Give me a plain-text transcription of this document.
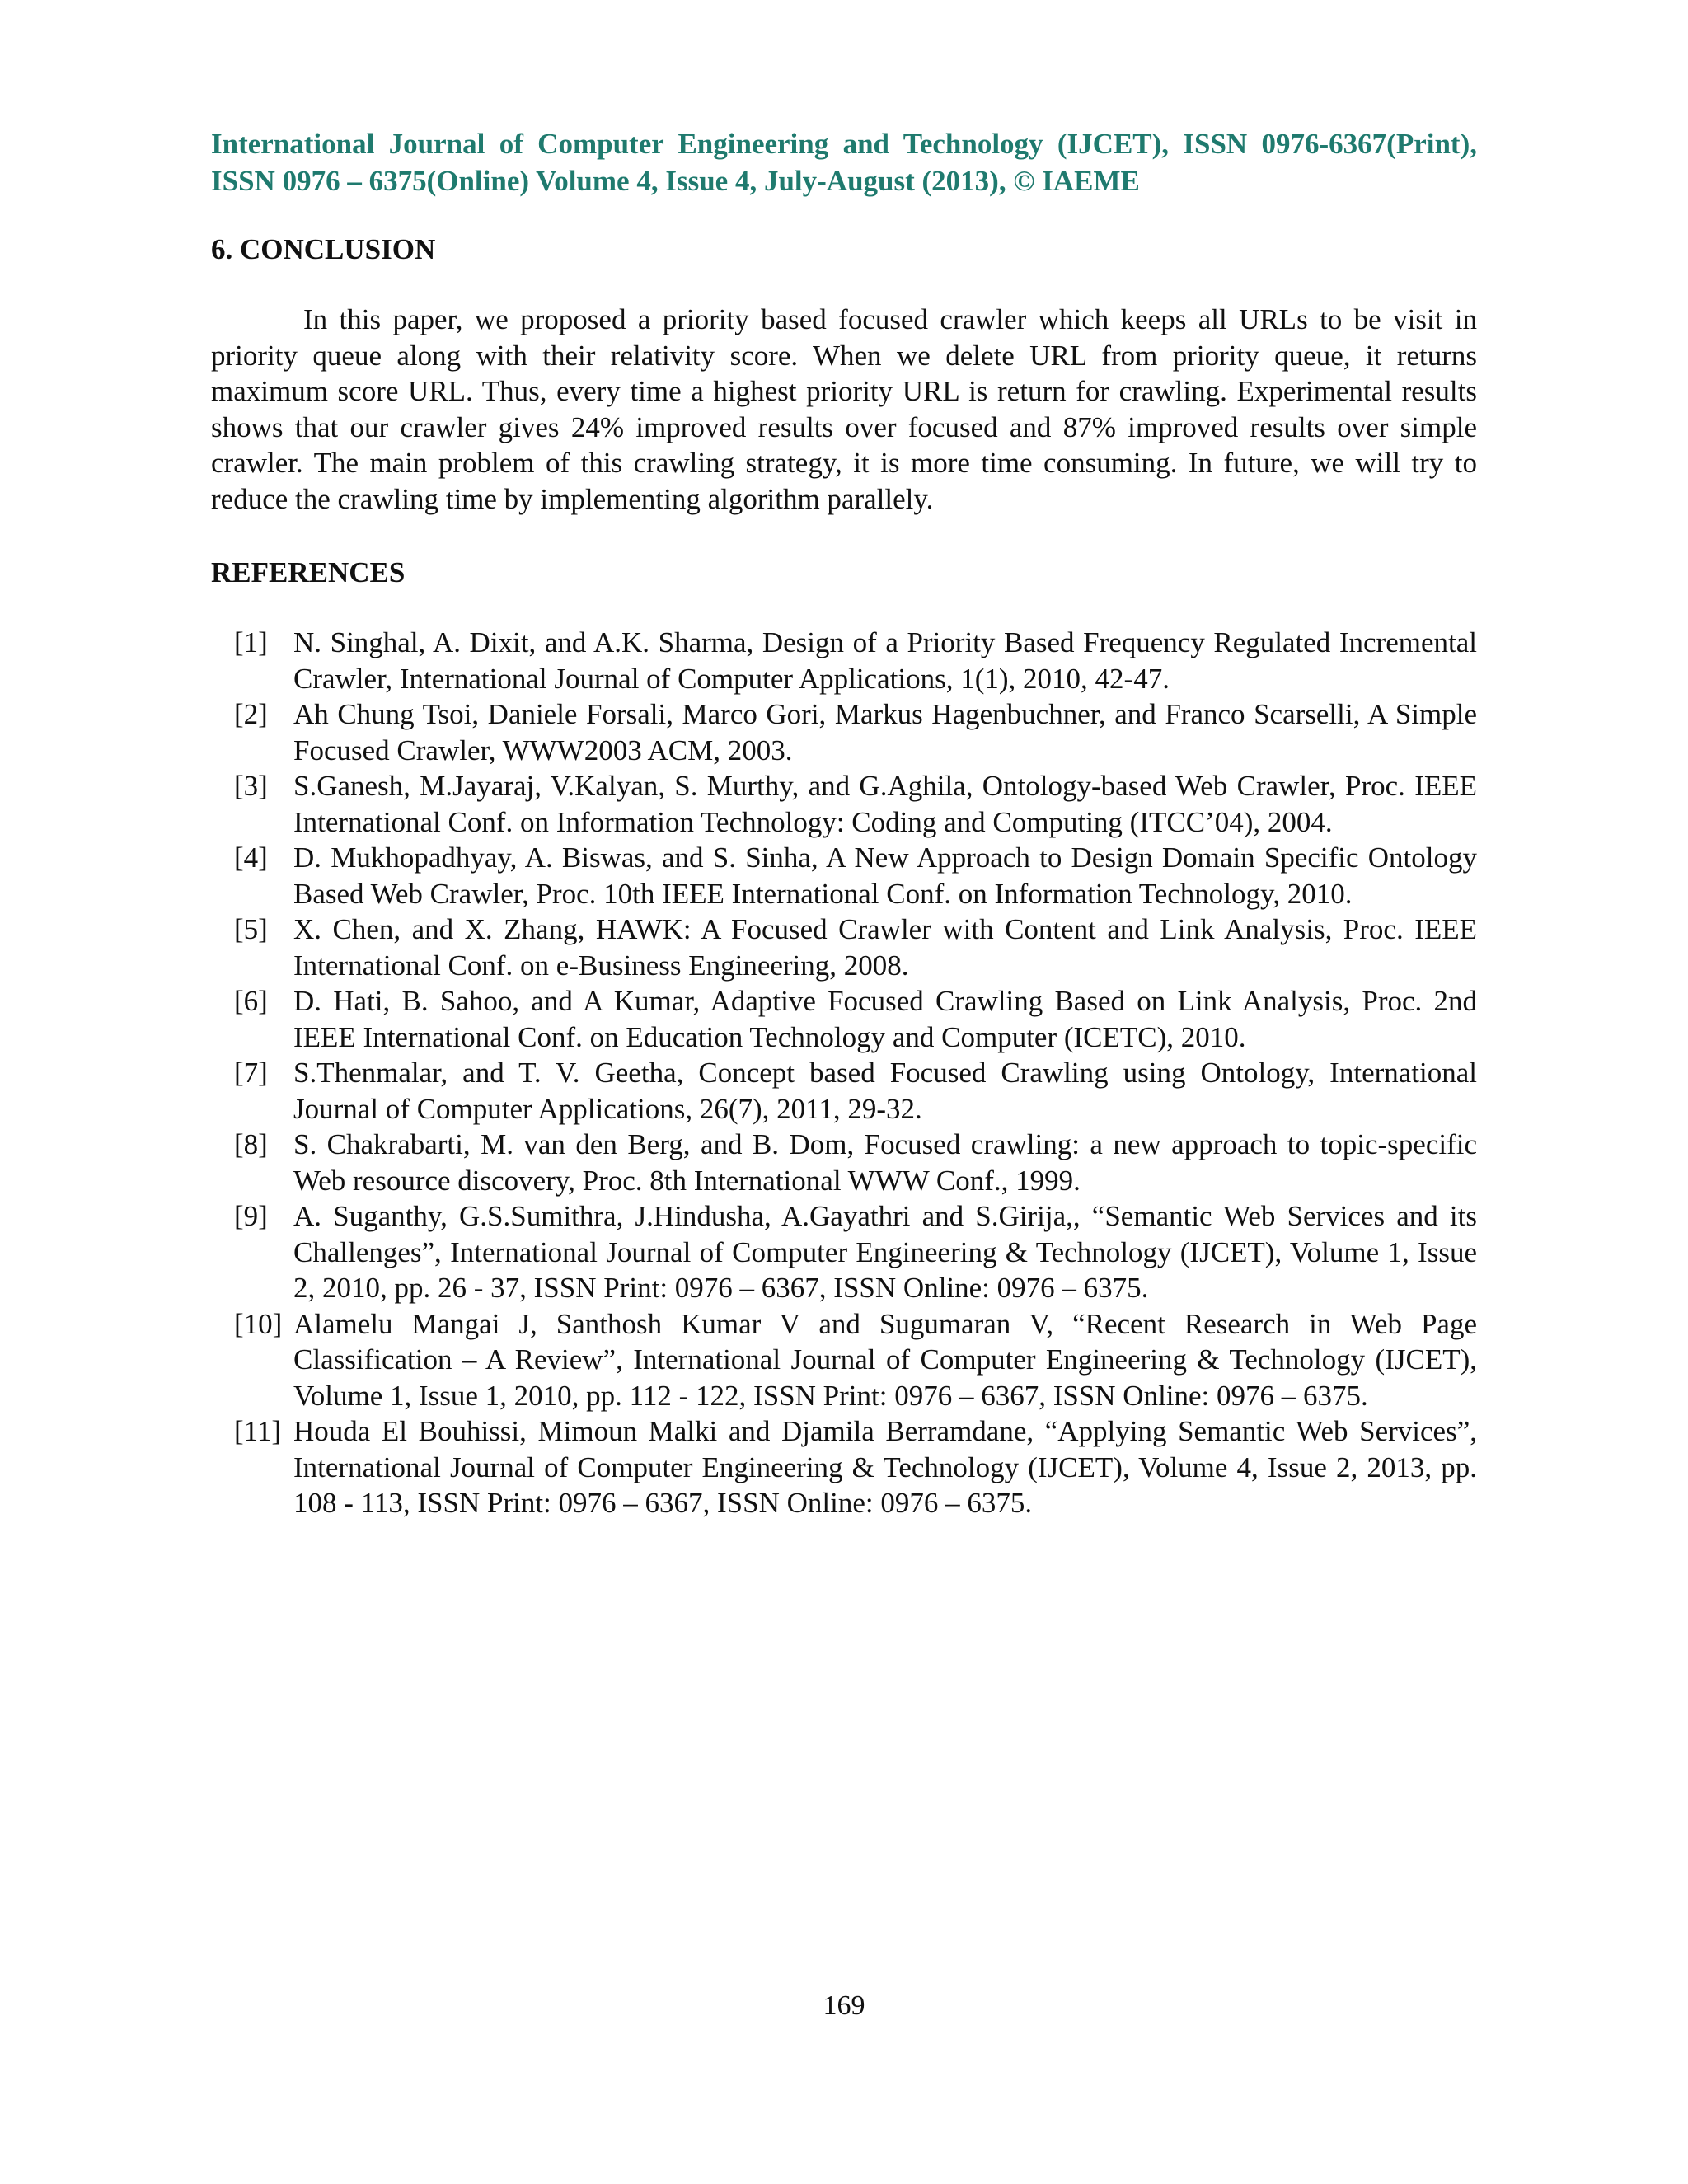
International Journal of Computer Engineering and Technology (IJCET), ISSN 0976-6367(Print), ISSN 0976 – 6375(Online) Volume 4, Issue 4, July-August (2013), © IAEME
6. CONCLUSION

In this paper, we proposed a priority based focused crawler which keeps all URLs to be visit in priority queue along with their relativity score. When we delete URL from priority queue, it returns maximum score URL. Thus, every time a highest priority URL is return for crawling. Experimental results shows that our crawler gives 24% improved results over focused and 87% improved results over simple crawler. The main problem of this crawling strategy, it is more time consuming. In future, we will try to reduce the crawling time by implementing algorithm parallely.

REFERENCES
[1] N. Singhal, A. Dixit, and A.K. Sharma, Design of a Priority Based Frequency Regulated Incremental Crawler, International Journal of Computer Applications, 1(1), 2010, 42-47.
[2] Ah Chung Tsoi, Daniele Forsali, Marco Gori, Markus Hagenbuchner, and Franco Scarselli, A Simple Focused Crawler, WWW2003 ACM, 2003.
[3] S.Ganesh, M.Jayaraj, V.Kalyan, S. Murthy, and G.Aghila, Ontology-based Web Crawler, Proc. IEEE International Conf. on Information Technology: Coding and Computing (ITCC’04), 2004.
[4] D. Mukhopadhyay, A. Biswas, and S. Sinha, A New Approach to Design Domain Specific Ontology Based Web Crawler, Proc. 10th IEEE International Conf. on Information Technology, 2010.
[5] X. Chen, and X. Zhang, HAWK: A Focused Crawler with Content and Link Analysis, Proc. IEEE International Conf. on e-Business Engineering, 2008.
[6] D. Hati, B. Sahoo, and A Kumar, Adaptive Focused Crawling Based on Link Analysis, Proc. 2nd IEEE International Conf. on Education Technology and Computer (ICETC), 2010.
[7] S.Thenmalar, and T. V. Geetha, Concept based Focused Crawling using Ontology, International Journal of Computer Applications, 26(7), 2011, 29-32.
[8] S. Chakrabarti, M. van den Berg, and B. Dom, Focused crawling: a new approach to topic-specific Web resource discovery, Proc. 8th International WWW Conf., 1999.
[9] A. Suganthy, G.S.Sumithra, J.Hindusha, A.Gayathri and S.Girija,, “Semantic Web Services and its Challenges”, International Journal of Computer Engineering & Technology (IJCET), Volume 1, Issue 2, 2010, pp. 26 - 37, ISSN Print: 0976 – 6367, ISSN Online: 0976 – 6375.
[10] Alamelu Mangai J, Santhosh Kumar V and Sugumaran V, “Recent Research in Web Page Classification – A Review”, International Journal of Computer Engineering & Technology (IJCET), Volume 1, Issue 1, 2010, pp. 112 - 122, ISSN Print: 0976 – 6367, ISSN Online: 0976 – 6375.
[11] Houda El Bouhissi, Mimoun Malki and Djamila Berramdane, “Applying Semantic Web Services”, International Journal of Computer Engineering & Technology (IJCET), Volume 4, Issue 2, 2013, pp. 108 - 113, ISSN Print: 0976 – 6367, ISSN Online: 0976 – 6375.
169
